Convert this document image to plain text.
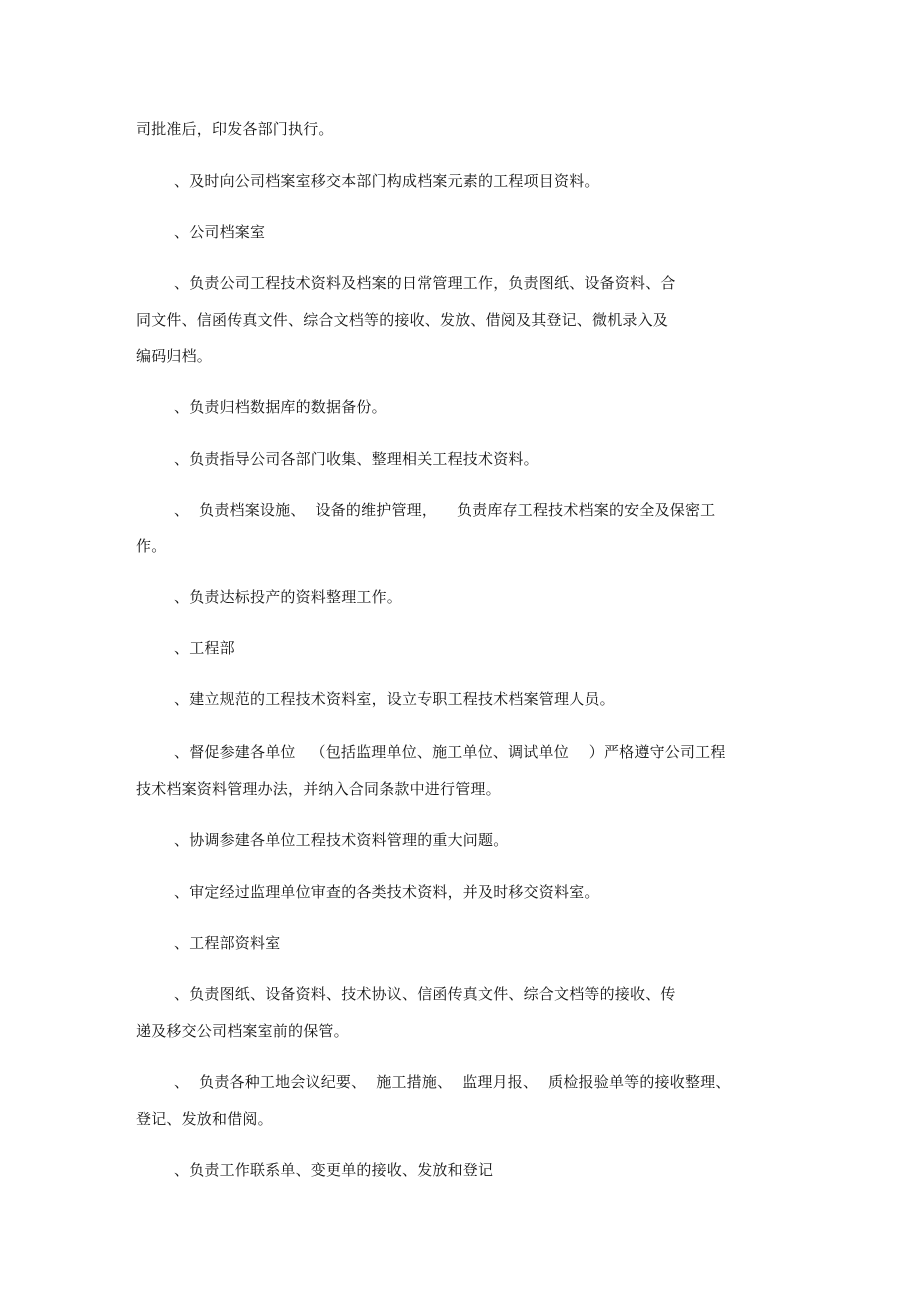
司批准后，印发各部门执行。
、及时向公司档案室移交本部门构成档案元素的工程项目资料。
、公司档案室
、负责公司工程技术资料及档案的日常管理工作，负责图纸、设备资料、合
同文件、信函传真文件、综合文档等的接收、发放、借阅及其登记、微机录入及
编码归档。
、负责归档数据库的数据备份。
、负责指导公司各部门收集、整理相关工程技术资料。
、  负责档案设施、  设备的维护管理，    负责库存工程技术档案的安全及保密工
作。
、负责达标投产的资料整理工作。
、工程部
、建立规范的工程技术资料室，设立专职工程技术档案管理人员。
、督促参建各单位   （包括监理单位、施工单位、调试单位    ）严格遵守公司工程
技术档案资料管理办法，并纳入合同条款中进行管理。
、协调参建各单位工程技术资料管理的重大问题。
、审定经过监理单位审查的各类技术资料，并及时移交资料室。
、工程部资料室
、负责图纸、设备资料、技术协议、信函传真文件、综合文档等的接收、传
递及移交公司档案室前的保管。
、  负责各种工地会议纪要、  施工措施、  监理月报、  质检报验单等的接收整理、
登记、发放和借阅。
、负责工作联系单、变更单的接收、发放和登记
